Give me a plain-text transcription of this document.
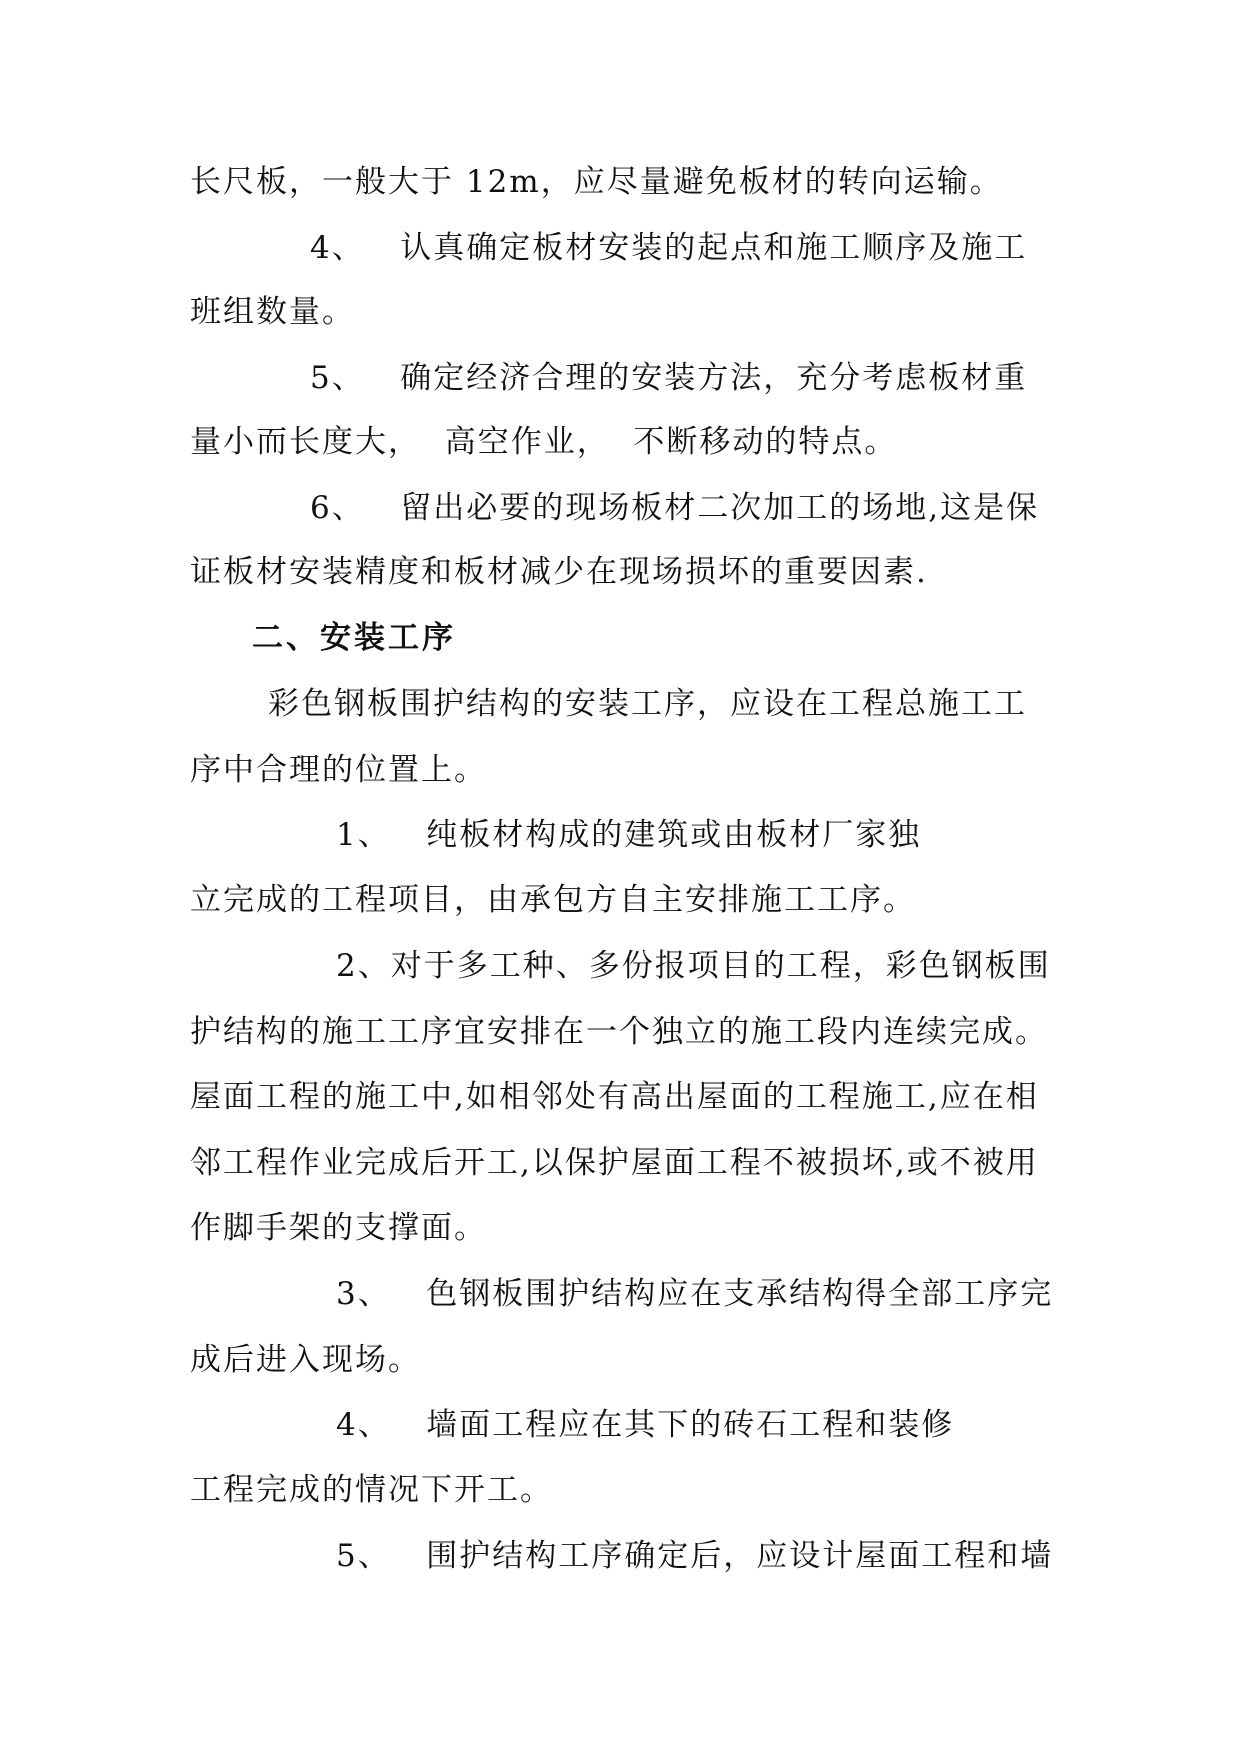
长尺板，一般大于 12m，应尽量避免板材的转向运输。
4、   认真确定板材安装的起点和施工顺序及施工
班组数量。
5、   确定经济合理的安装方法，充分考虑板材重
量小而长度大，  高空作业，  不断移动的特点。
6、   留出必要的现场板材二次加工的场地,这是保
证板材安装精度和板材减少在现场损坏的重要因素.
二、安装工序
彩色钢板围护结构的安装工序，应设在工程总施工工
序中合理的位置上。
1、   纯板材构成的建筑或由板材厂家独
立完成的工程项目，由承包方自主安排施工工序。
2、对于多工种、多份报项目的工程，彩色钢板围
护结构的施工工序宜安排在一个独立的施工段内连续完成。
屋面工程的施工中,如相邻处有高出屋面的工程施工,应在相
邻工程作业完成后开工,以保护屋面工程不被损坏,或不被用
作脚手架的支撑面。
3、   色钢板围护结构应在支承结构得全部工序完
成后进入现场。
4、   墙面工程应在其下的砖石工程和装修
工程完成的情况下开工。
5、   围护结构工序确定后，应设计屋面工程和墙
